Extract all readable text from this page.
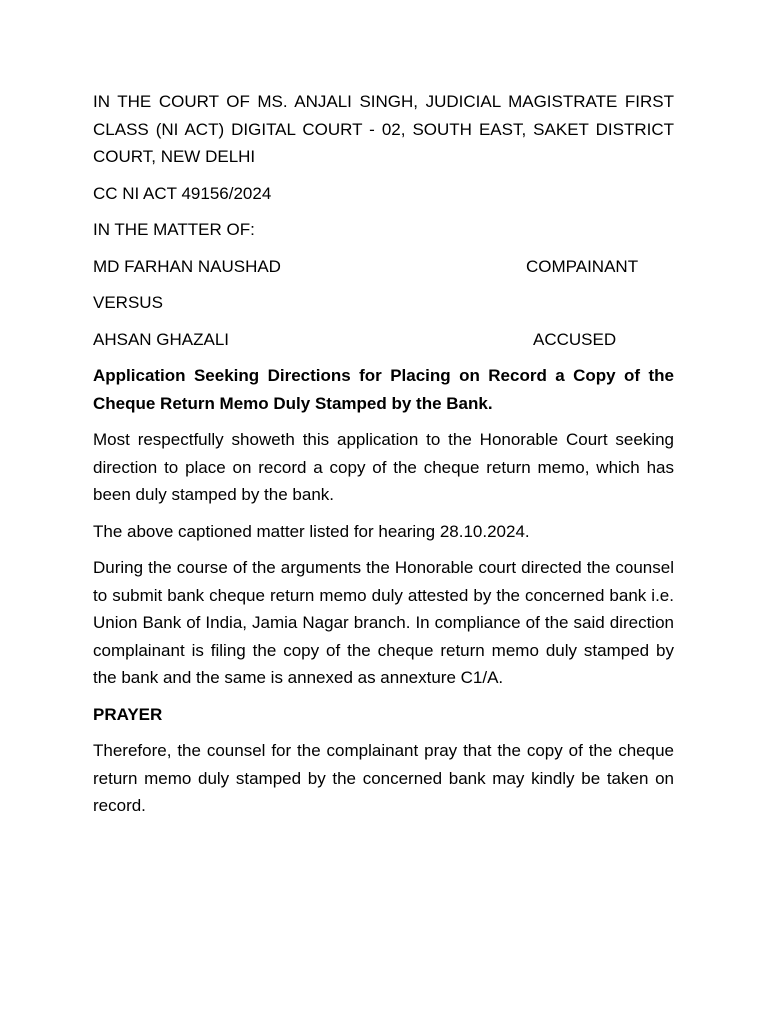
IN THE COURT OF MS. ANJALI SINGH, JUDICIAL MAGISTRATE FIRST CLASS (NI ACT) DIGITAL COURT - 02, SOUTH EAST, SAKET DISTRICT COURT, NEW DELHI

CC NI ACT 49156/2024

IN THE MATTER OF:

MD FARHAN NAUSHAD	COMPAINANT

VERSUS

AHSAN GHAZALI	ACCUSED

Application Seeking Directions for Placing on Record a Copy of the Cheque Return Memo Duly Stamped by the Bank.

Most respectfully showeth this application to the Honorable Court seeking direction to place on record a copy of the cheque return memo, which has been duly stamped by the bank.

The above captioned matter listed for hearing 28.10.2024.

During the course of the arguments the Honorable court directed the counsel to submit bank cheque return memo duly attested by the concerned bank i.e. Union Bank of India, Jamia Nagar branch. In compliance of the said direction complainant is filing the copy of the cheque return memo duly stamped by the bank and the same is annexed as annexture C1/A.

PRAYER

Therefore, the counsel for the complainant pray that the copy of the cheque return memo duly stamped by the concerned bank may kindly be taken on record.
